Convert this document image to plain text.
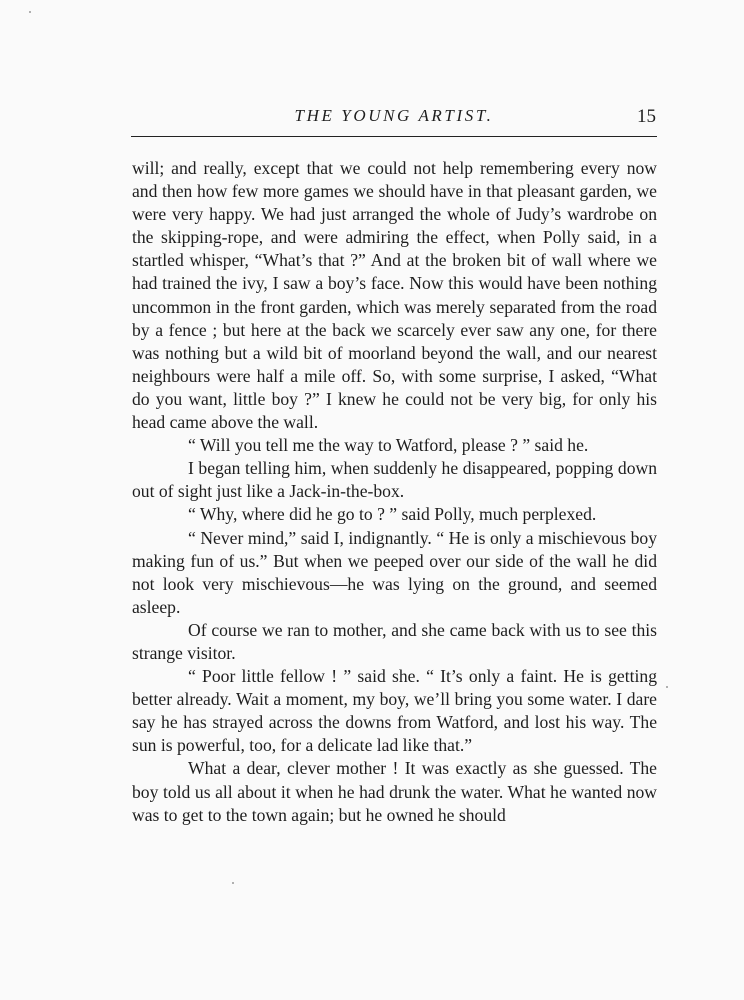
THE YOUNG ARTIST.	15

will; and really, except that we could not help remembering every now and then how few more games we should have in that pleasant garden, we were very happy. We had just arranged the whole of Judy’s wardrobe on the skipping-rope, and were admiring the effect, when Polly said, in a startled whisper, “What’s that ?” And at the broken bit of wall where we had trained the ivy, I saw a boy’s face. Now this would have been nothing uncommon in the front garden, which was merely separated from the road by a fence ; but here at the back we scarcely ever saw any one, for there was nothing but a wild bit of moorland beyond the wall, and our nearest neighbours were half a mile off. So, with some surprise, I asked, “What do you want, little boy ?” I knew he could not be very big, for only his head came above the wall.

“ Will you tell me the way to Watford, please ? ” said he.

I began telling him, when suddenly he disappeared, popping down out of sight just like a Jack-in-the-box.

“ Why, where did he go to ? ” said Polly, much perplexed.

“ Never mind,” said I, indignantly. “ He is only a mischievous boy making fun of us.” But when we peeped over our side of the wall he did not look very mischievous—he was lying on the ground, and seemed asleep.

Of course we ran to mother, and she came back with us to see this strange visitor.

“ Poor little fellow ! ” said she. “ It’s only a faint. He is getting better already. Wait a moment, my boy, we’ll bring you some water. I dare say he has strayed across the downs from Watford, and lost his way. The sun is powerful, too, for a delicate lad like that.”

What a dear, clever mother ! It was exactly as she guessed. The boy told us all about it when he had drunk the water. What he wanted now was to get to the town again; but he owned he should
